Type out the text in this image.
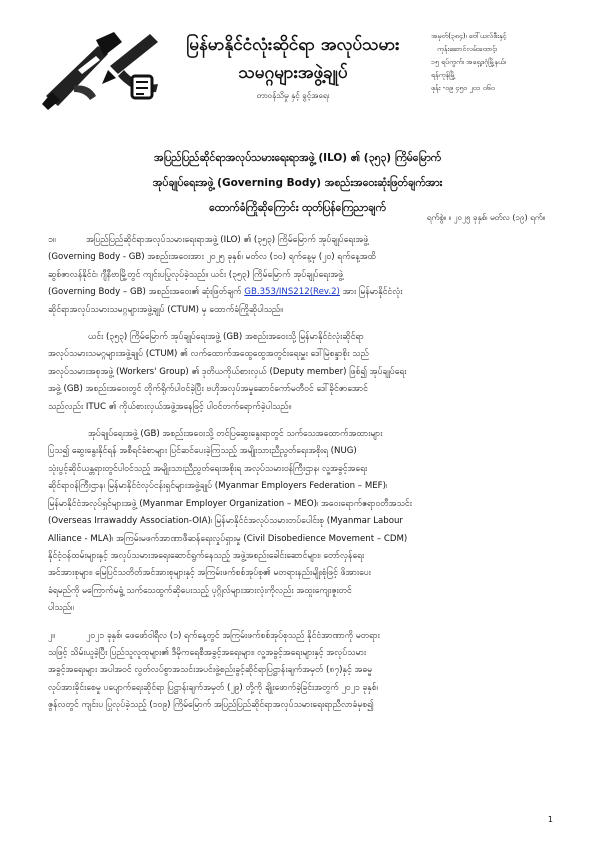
မြန်မာနိုင်ငံလုံးဆိုင်ရာ အလုပ်သမား
သမဂ္ဂများအဖွဲ့ချုပ်
တာဝန်သိမှု နှင့် ခွင့်အရေး
အမှတ်(၃၈၄)၊ ဗေါ်ယလ်ဖီးနှင့်
ကုန်းဆောင်လမ်းထောင့်၊
၁၅ ရပ်ကွက်၊ အရှေ့ဒဂုံမြို့နယ်၊
ရန်ကုန်မြို့
ဖုန်း -၀၉ ၄၅၀ ၂၀၁ ၀၆၀
အပြည်ပြည်ဆိုင်ရာအလုပ်သမားရေးရာအဖွဲ့ (ILO) ၏ (၃၅၃) ကြိမ်မြောက်
အုပ်ချုပ်ရေးအဖွဲ့ (Governing Body) အစည်းအဝေးဆုံးဖြတ်ချက်အား
ထောက်ခံကြိုဆိုကြောင်း ထုတ်ပြန်ကြေညာချက်
ရက်စွဲ။ ။ ၂၀၂၅ ခုနှစ်၊ မတ်လ (၁၉) ရက်။

၁။	အပြည်ပြည်ဆိုင်ရာအလုပ်သမားရေးရာအဖွဲ့ (ILO) ၏ (၃၅၃) ကြိမ်မြောက် အုပ်ချုပ်ရေးအဖွဲ့

(Governing Body - GB) အစည်းအဝေးအား ၂၀၂၅ ခုနှစ်၊ မတ်လ (၁၀) ရက်နေ့မှ (၂၀) ရက်နေ့အထိ

ဆွစ်ဇာလန်နိုင်ငံ၊ ဂျီနီဗာမြို့တွင် ကျင်းပပြုလုပ်ခဲ့သည်။ ယင်း (၃၅၃) ကြိမ်မြောက် အုပ်ချုပ်ရေးအဖွဲ့

(Governing Body – GB) အစည်းအဝေး၏ ဆုံးဖြတ်ချက် GB.353/INS212(Rev.2) အား မြန်မာနိုင်ငံလုံး

ဆိုင်ရာအလုပ်သမားသမဂ္ဂများအဖွဲ့ချုပ် (CTUM) မှ ထောက်ခံကြိုဆိုပါသည်။

ယင်း (၃၅၃) ကြိမ်မြောက် အုပ်ချုပ်ရေးအဖွဲ့ (GB) အစည်းအဝေးသို့ မြန်မာနိုင်ငံလုံးဆိုင်ရာ

အလုပ်သမားသမဂ္ဂများအဖွဲ့ချုပ် (CTUM) ၏ လက်ထောက်အထွေထွေအတွင်းရေးမှူး ဒေါ်မြဲစန္ဒာစိုး သည်

အလုပ်သမားအစုအဖွဲ့ (Workers' Group) ၏ ဒုတိယကိုယ်စားလှယ် (Deputy member) ဖြစ်၍ အုပ်ချုပ်ရေး

အဖွဲ့ (GB) အစည်းအဝေးတွင် တိုက်ရိုက်ပါဝင်ခဲ့ပြီး ဗဟိုအလုပ်အမှုဆောင်ကော်မတီဝင် ဒေါ်ခိုင်ဇာအောင်

သည်လည်း ITUC ၏ ကိုယ်စားလှယ်အဖွဲ့အနေဖြင့် ပါဝင်တက်ရောက်ခဲ့ပါသည်။

အုပ်ချုပ်ရေးအဖွဲ့ (GB) အစည်းအဝေးသို့ တင်ပြဆွေးနွေးရာတွင် သက်သေအထောက်အထားများ

ပြသ၍ ဆွေးနွေးနိုင်ရန် အစီရင်ခံစာများ ပြင်ဆင်ပေးခဲ့ကြသည့် အမျိုးသားညီညွတ်ရေးအစိုးရ (NUG)

သုံးပွင့်ဆိုင်ယန္တရားတွင်ပါဝင်သည့် အမျိုးသားညီညွတ်ရေးအစိုးရ အလုပ်သမားဝန်ကြီးဌာန၊ လူ့အခွင့်အရေး

ဆိုင်ရာဝန်ကြီးဌာန၊ မြန်မာနိုင်ငံလုပ်ငန်းရှင်များအဖွဲ့ချုပ် (Myanmar Employers Federation – MEF)၊

မြန်မာနိုင်ငံအလုပ်ရှင်များအဖွဲ့ (Myanmar Employer Organization – MEO)၊ အဝေးရောက်ဧရာဝတီအသင်း

(Overseas Irrawaddy Association-OIA)၊ မြန်မာနိုင်ငံအလုပ်သမားတပ်ပေါင်းစု (Myanmar Labour

Alliance - MLA)၊ အကြမ်းမဖက်အာဏာဖီဆန်ရေးလှုပ်ရှားမှု (Civil Disobedience Movement – CDM)

နိုင်ငံ့ဝန်ထမ်းများနှင့် အလုပ်သမားအရေးဆောင်ရွက်နေသည့် အဖွဲ့အစည်းခေါင်းဆောင်များ၊ တော်လှန်ရေး

အင်အားစုများ၊ မြေပြင်သတိတ်အင်အားစုများနှင့် အကြမ်းဖက်စစ်အုပ်စု၏ မတရားနည်းမျိုးစုံဖြင့် ဖိအားပေး

ခံရမည်ကို မကြောက်မရွံ့ သက်သေထွက်ဆိုပေးသည့် ပုဂ္ဂိုလ်များအားလုံးကိုလည်း အထူးကျေးဇူးတင်

ပါသည်။

၂။	၂၀၂၁ ခုနှစ်၊ ဖေဖော်ဝါရီလ (၁) ရက်နေ့တွင် အကြမ်းဖက်စစ်အုပ်စုသည် နိုင်ငံအာဏာကို မတရား

သဖြင့် သိမ်းယူခဲ့ပြီး ပြည်သူလူထုများ၏ ဒီမိုကရေစီအခွင့်အရေးများ၊ လူ့အခွင့်အရေးများနှင့် အလုပ်သမား

အခွင့်အရေးများ အပါအဝင် လွတ်လပ်စွာအသင်းအပင်းဖွဲ့စည်းခွင့်ဆိုင်ရာပြဋ္ဌာန်းချက်အမှတ် (၈၇)နှင့် အဓမ္မ

လုပ်အားခိုင်းစေမှု ပပျောက်ရေးဆိုင်ရာ ပြဋ္ဌာန်းချက်အမှတ် (၂၉) တို့ကို ချိုးဖောက်ခဲ့ခြင်းအတွက် ၂၀၂၁ ခုနှစ်၊

ဇွန်လတွင် ကျင်းပ ပြုလုပ်ခဲ့သည့် (၁၀၉) ကြိမ်မြောက် အပြည်ပြည်ဆိုင်ရာအလုပ်သမားရေးရာညီလာခံမှစ၍

1
